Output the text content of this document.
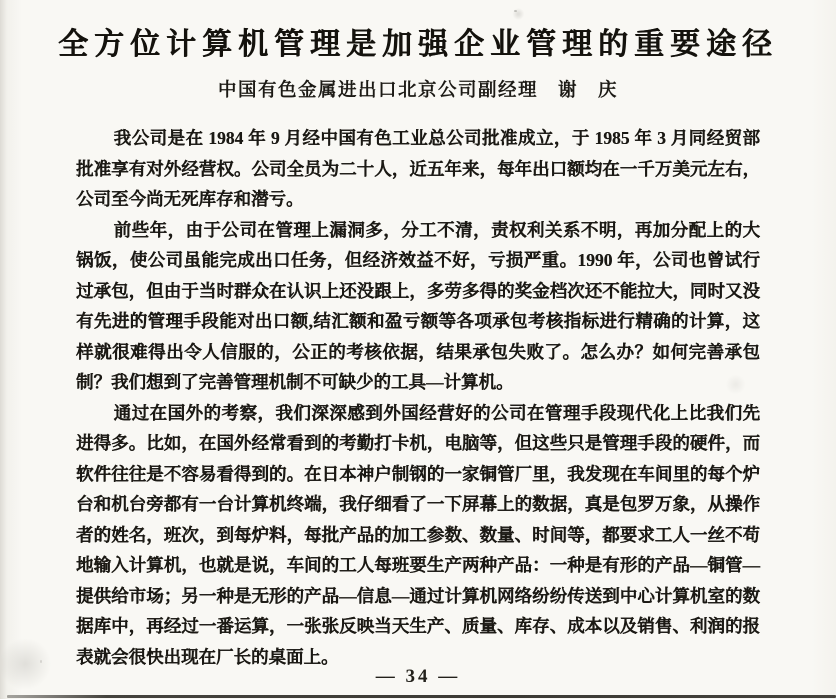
全方位计算机管理是加强企业管理的重要途径
中国有色金属进出口北京公司副经理　谢　庆

我公司是在 1984 年 9 月经中国有色工业总公司批准成立，于 1985 年 3 月同经贸部批准享有对外经营权。公司全员为二十人，近五年来，每年出口额均在一千万美元左右，公司至今尚无死库存和潜亏。

前些年，由于公司在管理上漏洞多，分工不清，责权利关系不明，再加分配上的大锅饭，使公司虽能完成出口任务，但经济效益不好，亏损严重。1990 年，公司也曾试行过承包，但由于当时群众在认识上还没跟上，多劳多得的奖金档次还不能拉大，同时又没有先进的管理手段能对出口额,结汇额和盈亏额等各项承包考核指标进行精确的计算，这样就很难得出令人信服的，公正的考核依据，结果承包失败了。怎么办？如何完善承包制？我们想到了完善管理机制不可缺少的工具—计算机。

通过在国外的考察，我们深深感到外国经营好的公司在管理手段现代化上比我们先进得多。比如，在国外经常看到的考勤打卡机，电脑等，但这些只是管理手段的硬件，而软件往往是不容易看得到的。在日本神户制钢的一家铜管厂里，我发现在车间里的每个炉台和机台旁都有一台计算机终端，我仔细看了一下屏幕上的数据，真是包罗万象，从操作者的姓名，班次，到每炉料，每批产品的加工参数、数量、时间等，都要求工人一丝不苟地输入计算机，也就是说，车间的工人每班要生产两种产品：一种是有形的产品—铜管—提供给市场；另一种是无形的产品—信息—通过计算机网络纷纷传送到中心计算机室的数据库中，再经过一番运算，一张张反映当天生产、质量、库存、成本以及销售、利润的报表就会很快出现在厂长的桌面上。

— 34 —
